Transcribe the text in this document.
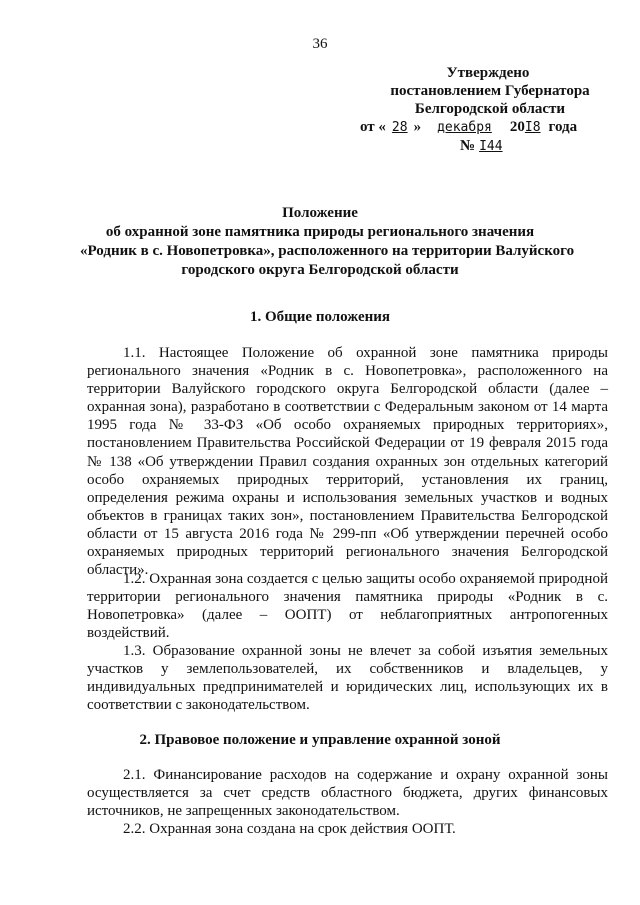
36
Утверждено
постановлением Губернатора
Белгородской области
от « 28 » декабря 20I8 года
№ I44
Положение
об охранной зоне памятника природы регионального значения
«Родник в с. Новопетровка», расположенного на территории Валуйского
городского округа Белгородской области
1. Общие положения
1.1. Настоящее Положение об охранной зоне памятника природы регионального значения «Родник в с. Новопетровка», расположенного на территории Валуйского городского округа Белгородской области (далее – охранная зона), разработано в соответствии с Федеральным законом от 14 марта 1995 года № 33-ФЗ «Об особо охраняемых природных территориях», постановлением Правительства Российской Федерации от 19 февраля 2015 года № 138 «Об утверждении Правил создания охранных зон отдельных категорий особо охраняемых природных территорий, установления их границ, определения режима охраны и использования земельных участков и водных объектов в границах таких зон», постановлением Правительства Белгородской области от 15 августа 2016 года № 299-пп «Об утверждении перечней особо охраняемых природных территорий регионального значения Белгородской области».
1.2. Охранная зона создается с целью защиты особо охраняемой природной территории регионального значения памятника природы «Родник в с. Новопетровка» (далее – ООПТ) от неблагоприятных антропогенных воздействий.
1.3. Образование охранной зоны не влечет за собой изъятия земельных участков у землепользователей, их собственников и владельцев, у индивидуальных предпринимателей и юридических лиц, использующих их в соответствии с законодательством.
2. Правовое положение и управление охранной зоной
2.1. Финансирование расходов на содержание и охрану охранной зоны осуществляется за счет средств областного бюджета, других финансовых источников, не запрещенных законодательством.
2.2. Охранная зона создана на срок действия ООПТ.
